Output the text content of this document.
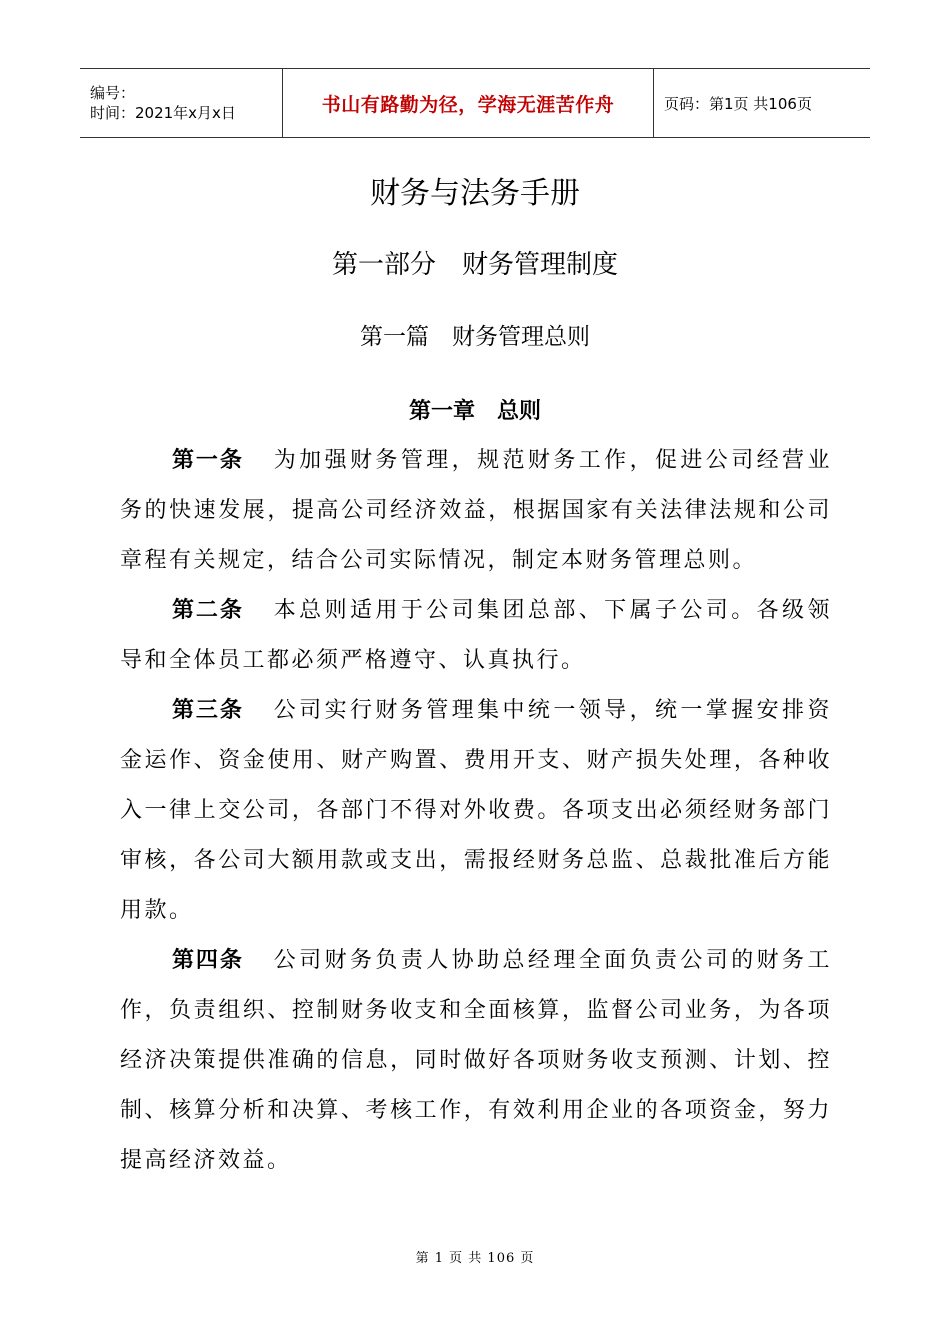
编号：
时间：2021年x月x日	书山有路勤为径，学海无涯苦作舟	页码：第1页 共106页
财务与法务手册
第一部分　财务管理制度
第一篇　财务管理总则
第一章　总则

第一条 为加强财务管理，规范财务工作，促进公司经营业务的快速发展，提高公司经济效益，根据国家有关法律法规和公司章程有关规定，结合公司实际情况，制定本财务管理总则。

第二条 本总则适用于公司集团总部、下属子公司。各级领导和全体员工都必须严格遵守、认真执行。

第三条 公司实行财务管理集中统一领导，统一掌握安排资金运作、资金使用、财产购置、费用开支、财产损失处理，各种收入一律上交公司，各部门不得对外收费。各项支出必须经财务部门审核，各公司大额用款或支出，需报经财务总监、总裁批准后方能用款。

第四条 公司财务负责人协助总经理全面负责公司的财务工作，负责组织、控制财务收支和全面核算，监督公司业务，为各项经济决策提供准确的信息，同时做好各项财务收支预测、计划、控制、核算分析和决算、考核工作，有效利用企业的各项资金，努力提高经济效益。

第 1 页 共 106 页
